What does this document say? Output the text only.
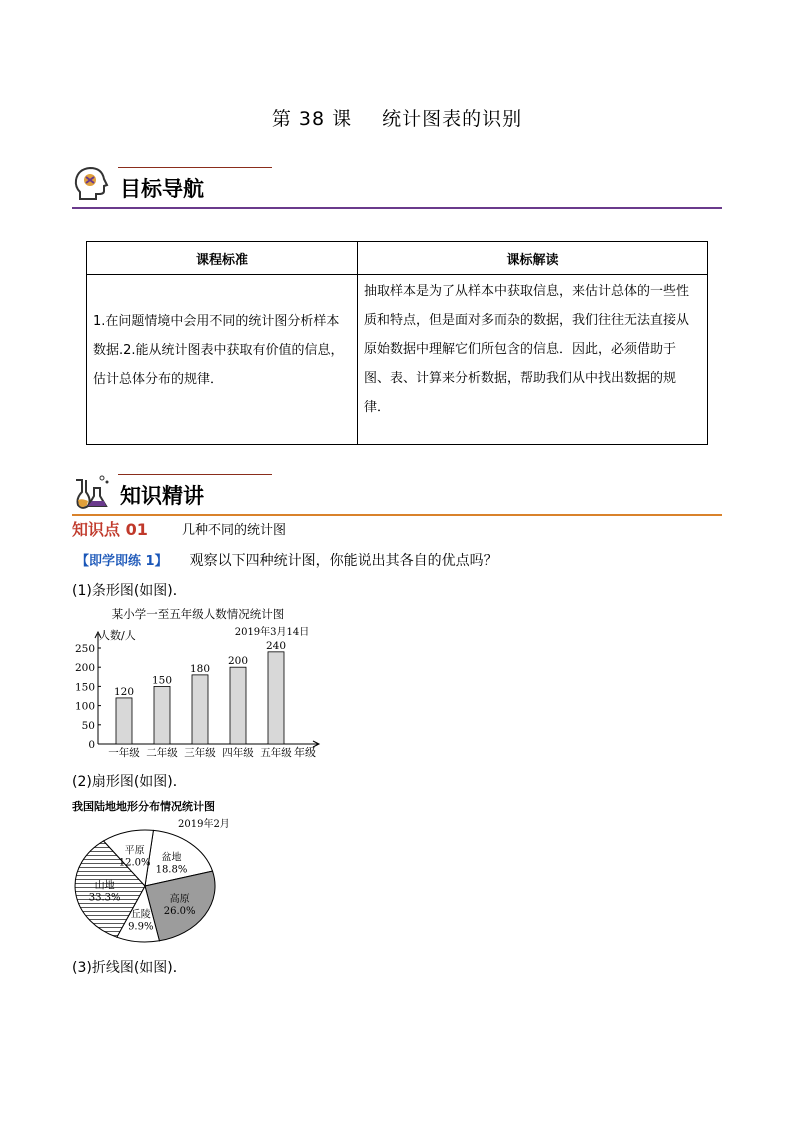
第 38 课 统计图表的识别
目标导航
课程标准	课标解读

1.在问题情境中会用不同的统计图分析样本数据.2.能从统计图表中获取有价值的信息，估计总体分布的规律．	抽取样本是为了从样本中获取信息，来估计总体的一些性质和特点，但是面对多而杂的数据，我们往往无法直接从原始数据中理解它们所包含的信息．因此，必须借助于图、表、计算来分析数据，帮助我们从中找出数据的规律．
知识精讲
知识点 01	几种不同的统计图
【即学即练 1】 观察以下四种统计图，你能说出其各自的优点吗？
(1)条形图(如图)．
某小学一至五年级人数情况统计图
2019年3月14日
人数/人
年级
0
50
100
150
200
250
120
一年级
150
二年级
180
三年级
200
四年级
240
五年级
(2)扇形图(如图)．
我国陆地地形分布情况统计图
2019年2月
盆地
18.8%
高原
26.0%
丘陵
9.9%
山地
33.3%
平原
12.0%
(3)折线图(如图)．
